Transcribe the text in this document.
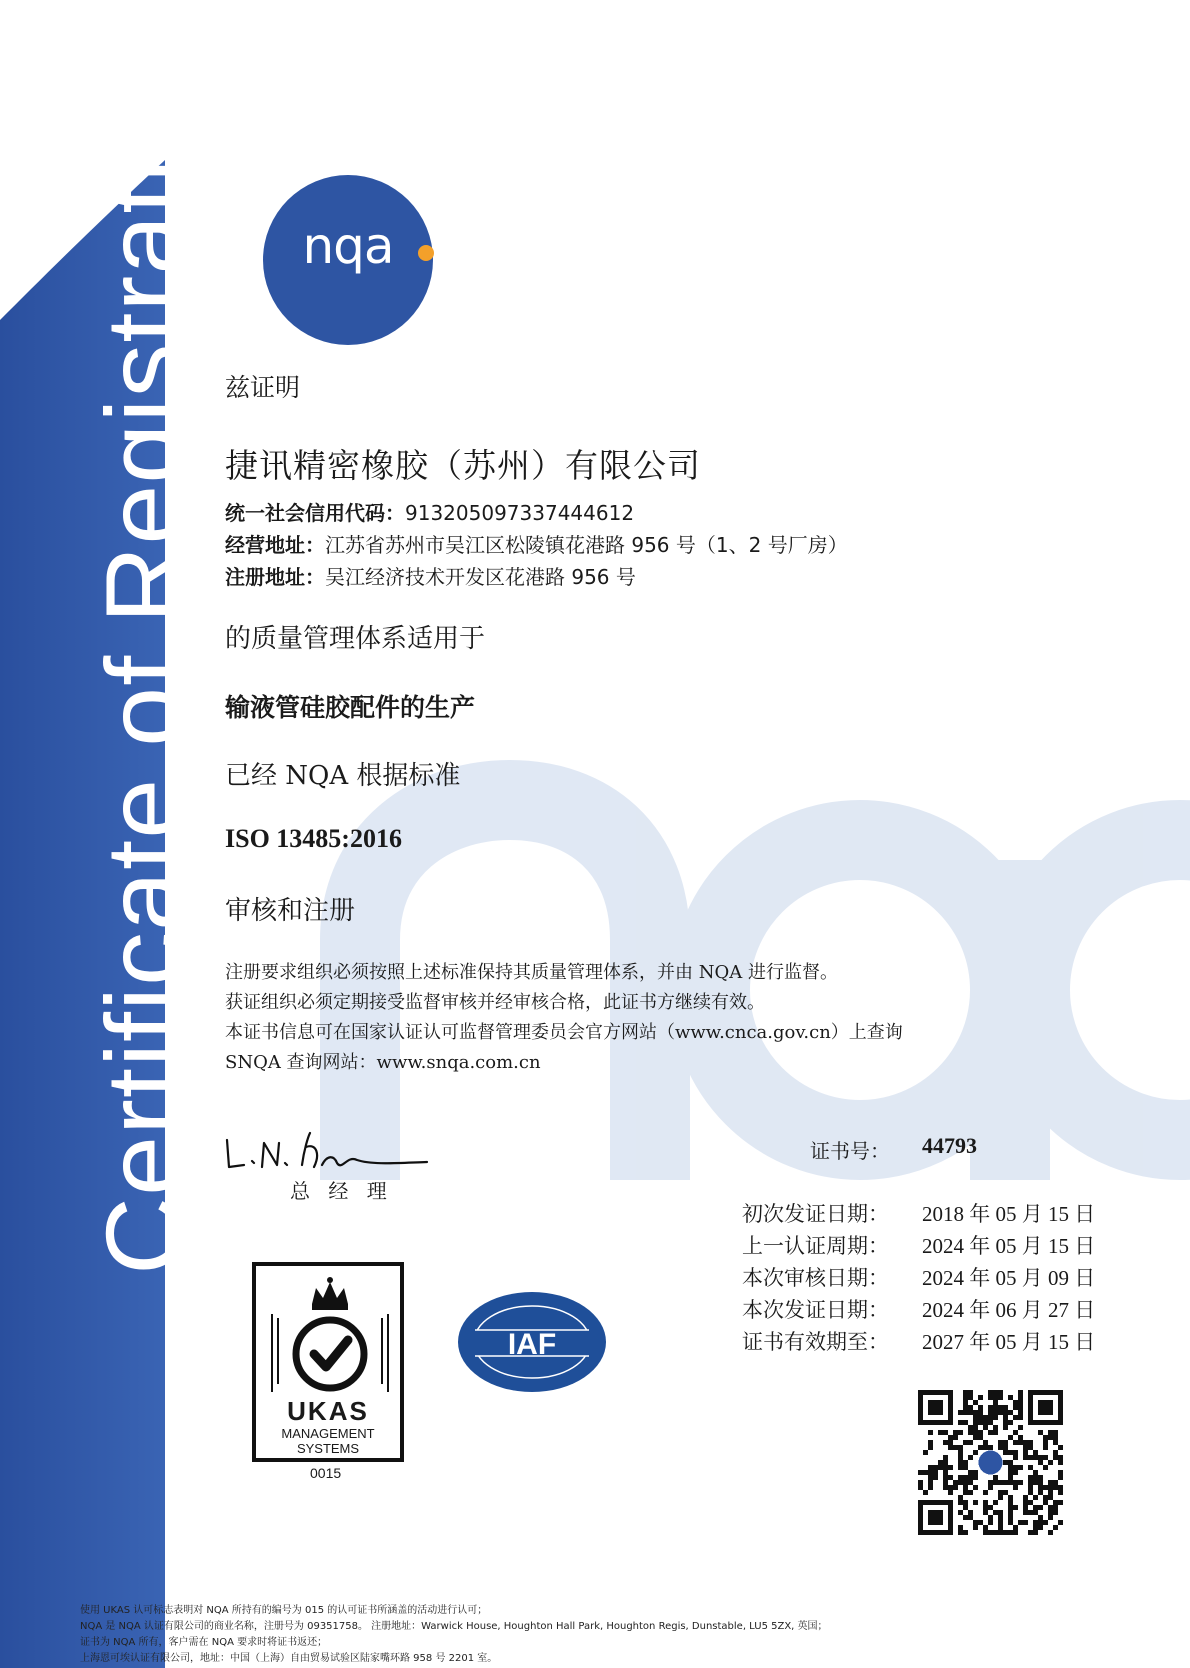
Certificate of Registration	nqa
兹证明
捷讯精密橡胶（苏州）有限公司
统一社会信用代码：91320509733744461​2
经营地址：江苏省苏州市吴江区松陵镇花港路 956 号（1、2 号厂房）
注册地址：吴江经济技术开发区花港路 956 号
的质量管理体系适用于
输液管硅胶配件的生产
已经 NQA 根据标准
ISO 13485:2016
审核和注册
注册要求组织必须按照上述标准保持其质量管理体系，并由 NQA 进行监督。
获证组织必须定期接受监督审核并经审核合格，此证书方继续有效。
本证书信息可在国家认证认可监督管理委员会官方网站（www.cnca.gov.cn）上查询
SNQA 查询网站：www.snqa.com.cn
总 经 理
证书号： 44793
初次发证日期： 2018 年 05 月 15 日
上一认证周期： 2024 年 05 月 15 日
本次审核日期： 2024 年 05 月 09 日
本次发证日期： 2024 年 06 月 27 日
证书有效期至： 2027 年 05 月 15 日
UKAS
MANAGEMENT
SYSTEMS
0015
IAF
使用 UKAS 认可标志表明对 NQA 所持有的编号为 015 的认可证书所涵盖的活动进行认可；
NQA 是 NQA 认证有限公司的商业名称，注册号为 09351758。 注册地址：Warwick House, Houghton Hall Park, Houghton Regis, Dunstable, LU5 5ZX, 英国；
证书为 NQA 所有，客户需在 NQA 要求时将证书返还；
上海恩可埃认证有限公司，地址：中国（上海）自由贸易试验区陆家嘴环路 958 号 2201 室。
